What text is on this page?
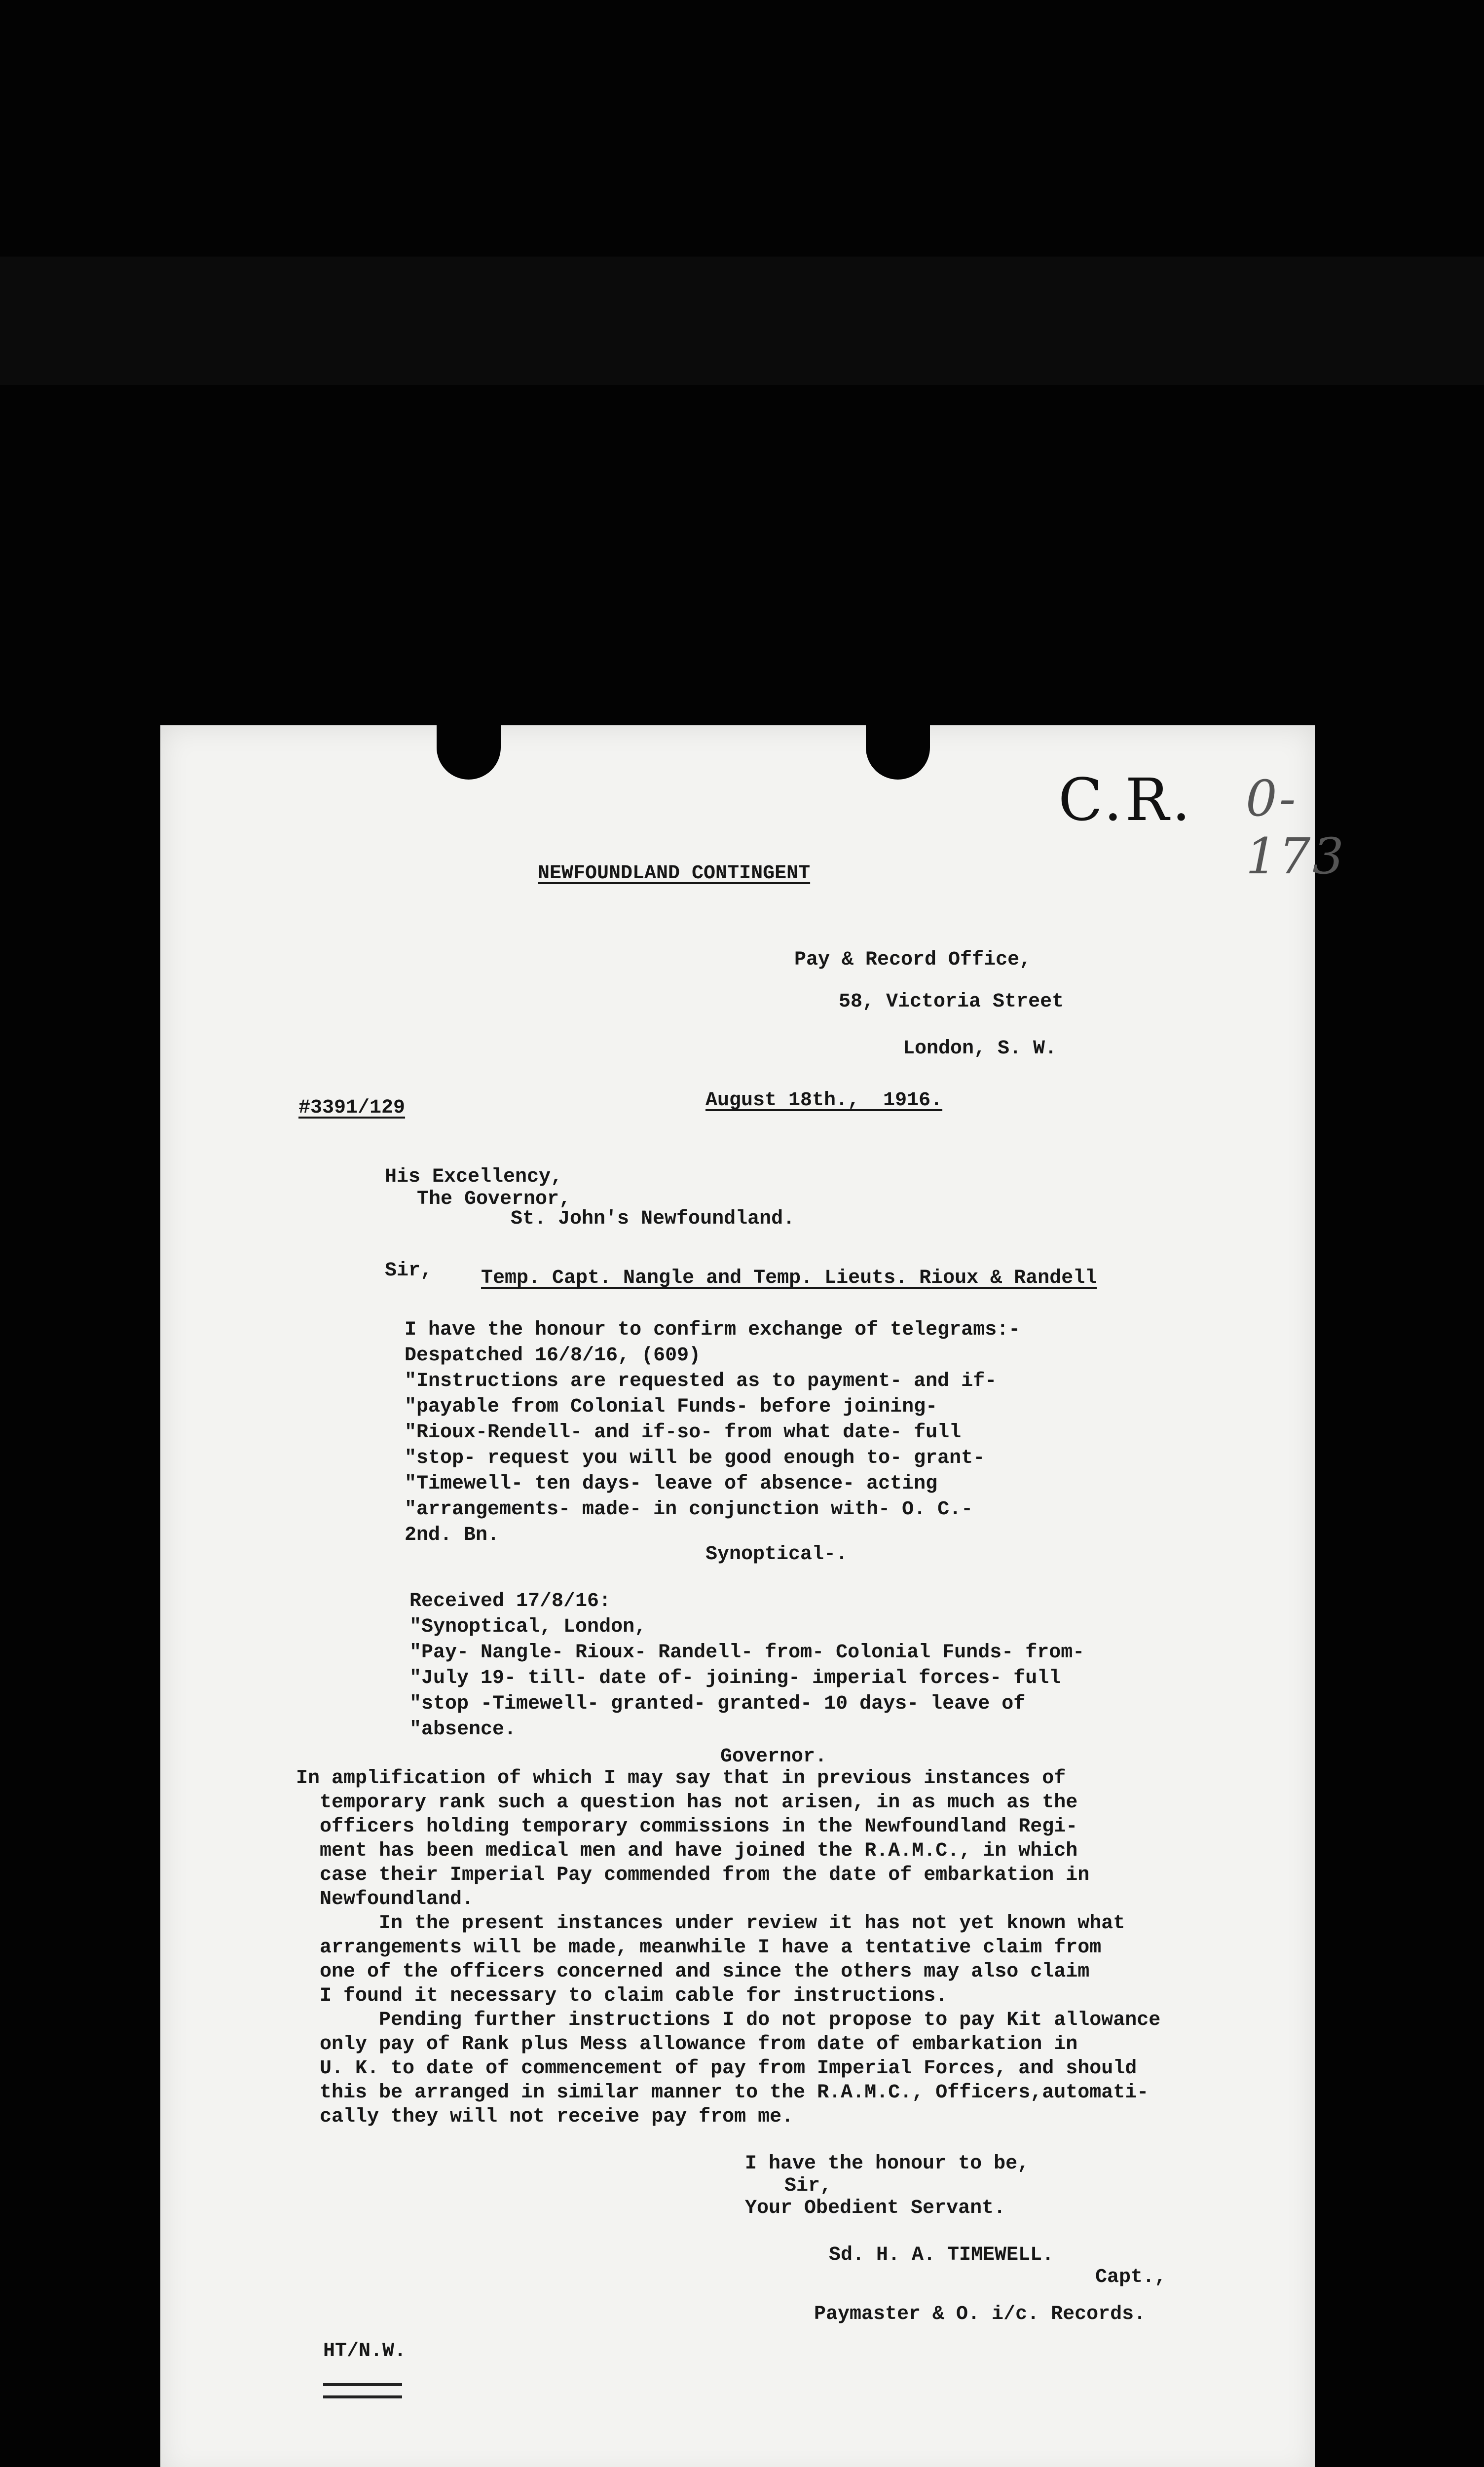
C.R. 0-173

NEWFOUNDLAND CONTINGENT

Pay & Record Office,

58, Victoria Street

London, S. W.

#3391/129	August 18th.,  1916.

His Excellency,

The Governor,

St. John's Newfoundland.

Sir, Temp. Capt. Nangle and Temp. Lieuts. Rioux & Randell

I have the honour to confirm exchange of telegrams:-

Despatched 16/8/16, (609)

"Instructions are requested as to payment- and if-

"payable from Colonial Funds- before joining-

"Rioux-Rendell- and if-so- from what date- full

"stop- request you will be good enough to- grant-

"Timewell- ten days- leave of absence- acting

"arrangements- made- in conjunction with- O. C.-

2nd. Bn.

Synoptical-.

Received 17/8/16:

"Synoptical, London,

"Pay- Nangle- Rioux- Randell- from- Colonial Funds- from-

"July 19- till- date of- joining- imperial forces- full

"stop -Timewell- granted- granted- 10 days- leave of

"absence.

Governor.

In amplification of which I may say that in previous instances of

temporary rank such a question has not arisen, in as much as the

officers holding temporary commissions in the Newfoundland Regi-

ment has been medical men and have joined the R.A.M.C., in which

case their Imperial Pay commended from the date of embarkation in

Newfoundland.

In the present instances under review it has not yet known what

arrangements will be made, meanwhile I have a tentative claim from

one of the officers concerned and since the others may also claim

I found it necessary to claim cable for instructions.

Pending further instructions I do not propose to pay Kit allowance

only pay of Rank plus Mess allowance from date of embarkation in

U. K. to date of commencement of pay from Imperial Forces, and should

this be arranged in similar manner to the R.A.M.C., Officers,automati-

cally they will not receive pay from me.

I have the honour to be,

Sir,

Your Obedient Servant.

Sd. H. A. TIMEWELL.

Capt.,

Paymaster & O. i/c. Records.

HT/N.W.
